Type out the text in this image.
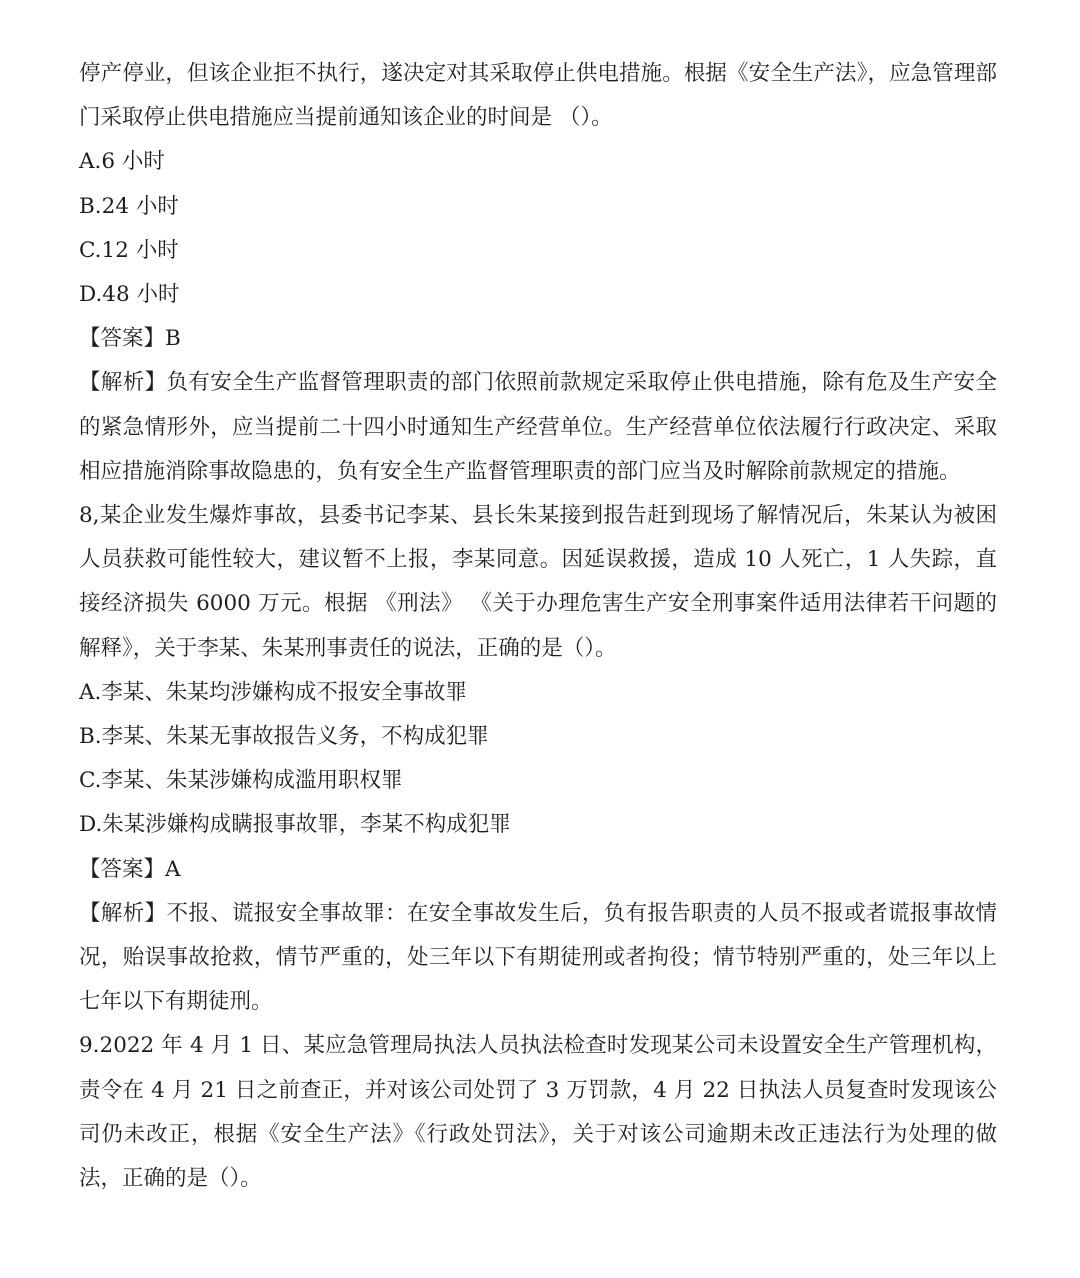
停产停业，但该企业拒不执行，遂决定对其采取停止供电措施。根据《安全生产法》，应急管理部门采取停止供电措施应当提前通知该企业的时间是 （）。

A.6 小时

B.24 小时

C.12 小时

D.48 小时

【答案】B

【解析】负有安全生产监督管理职责的部门依照前款规定采取停止供电措施，除有危及生产安全的紧急情形外，应当提前二十四小时通知生产经营单位。生产经营单位依法履行行政决定、采取相应措施消除事故隐患的，负有安全生产监督管理职责的部门应当及时解除前款规定的措施。

8,某企业发生爆炸事故，县委书记李某、县长朱某接到报告赶到现场了解情况后，朱某认为被困人员获救可能性较大，建议暂不上报，李某同意。因延误救援，造成 10 人死亡，1 人失踪，直接经济损失 6000 万元。根据 《刑法》 《关于办理危害生产安全刑事案件适用法律若干问题的解释》，关于李某、朱某刑事责任的说法，正确的是（）。

A.李某、朱某均涉嫌构成不报安全事故罪

B.李某、朱某无事故报告义务，不构成犯罪

C.李某、朱某涉嫌构成滥用职权罪

D.朱某涉嫌构成瞒报事故罪，李某不构成犯罪

【答案】A

【解析】不报、谎报安全事故罪：在安全事故发生后，负有报告职责的人员不报或者谎报事故情况，贻误事故抢救，情节严重的，处三年以下有期徒刑或者拘役；情节特别严重的，处三年以上七年以下有期徒刑。

9.2022 年 4 月 1 日、某应急管理局执法人员执法检查时发现某公司未设置安全生产管理机构，责令在 4 月 21 日之前查正，并对该公司处罚了 3 万罚款，4 月 22 日执法人员复查时发现该公司仍未改正，根据《安全生产法》《行政处罚法》，关于对该公司逾期未改正违法行为处理的做法，正确的是（）。
